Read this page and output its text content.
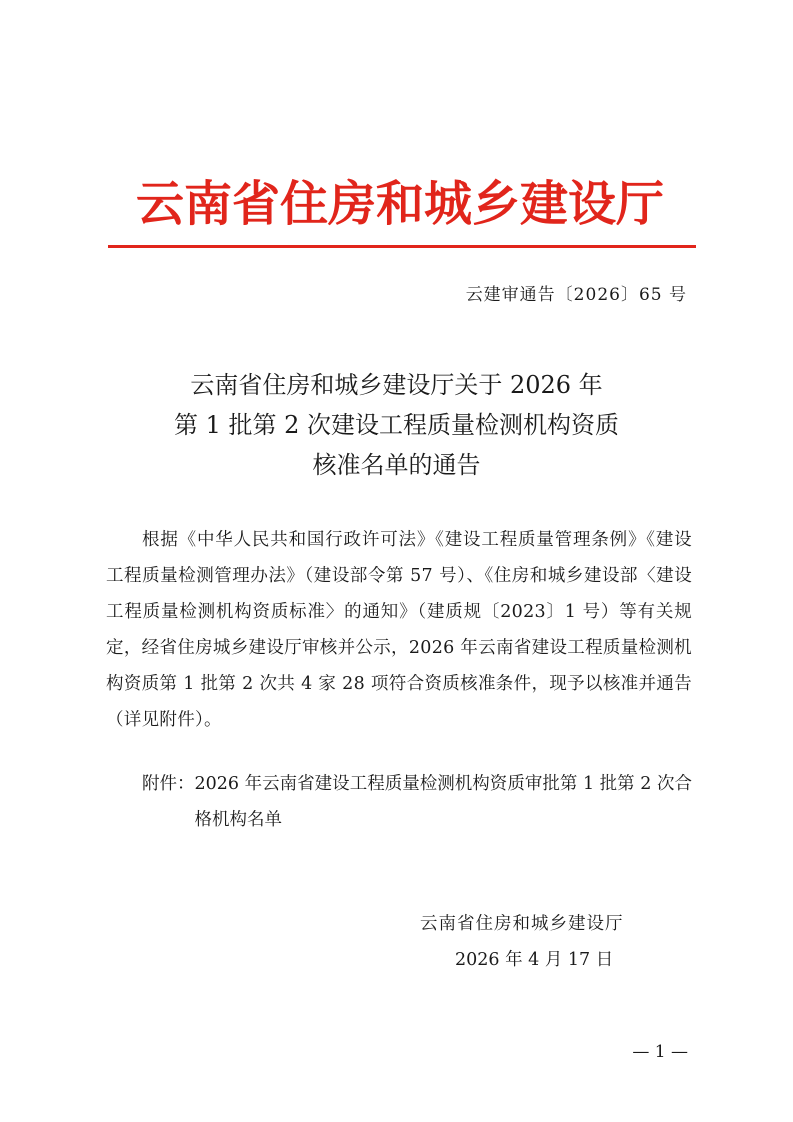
云南省住房和城乡建设厅
云建审通告〔2026〕65 号
云南省住房和城乡建设厅关于 2026 年
第 1 批第 2 次建设工程质量检测机构资质
核准名单的通告
根据《中华人民共和国行政许可法》《建设工程质量管理条例》《建设工程质量检测管理办法》（建设部令第 57 号）、《住房和城乡建设部〈建设工程质量检测机构资质标准〉的通知》（建质规〔2023〕1 号）等有关规定，经省住房城乡建设厅审核并公示，2026 年云南省建设工程质量检测机构资质第 1 批第 2 次共 4 家 28 项符合资质核准条件，现予以核准并通告（详见附件）。
附件： 2026 年云南省建设工程质量检测机构资质审批第 1 批第 2 次合格机构名单
云南省住房和城乡建设厅
2026 年 4 月 17 日
— 1 —
